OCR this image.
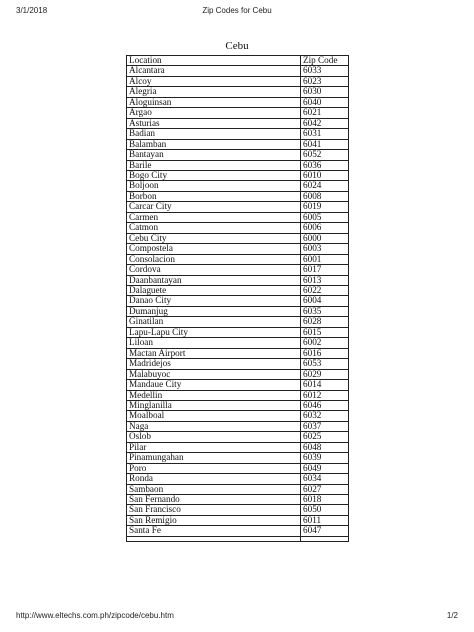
3/1/2018	Zip Codes for Cebu
Cebu
Location	Zip Code
Alcantara	6033
Alcoy	6023
Alegria	6030
Aloguinsan	6040
Argao	6021
Asturias	6042
Badian	6031
Balamban	6041
Bantayan	6052
Barile	6036
Bogo City	6010
Boljoon	6024
Borbon	6008
Carcar City	6019
Carmen	6005
Catmon	6006
Cebu City	6000
Compostela	6003
Consolacion	6001
Cordova	6017
Daanbantayan	6013
Dalaguete	6022
Danao City	6004
Dumanjug	6035
Ginatilan	6028
Lapu-Lapu City	6015
Liloan	6002
Mactan Airport	6016
Madridejos	6053
Malabuyoc	6029
Mandaue City	6014
Medellin	6012
Minglanilla	6046
Moalboal	6032
Naga	6037
Oslob	6025
Pilar	6048
Pinamungahan	6039
Poro	6049
Ronda	6034
Sambaon	6027
San Fernando	6018
San Francisco	6050
San Remigio	6011
Santa Fe	6047

http://www.eltechs.com.ph/zipcode/cebu.htm	1/2
